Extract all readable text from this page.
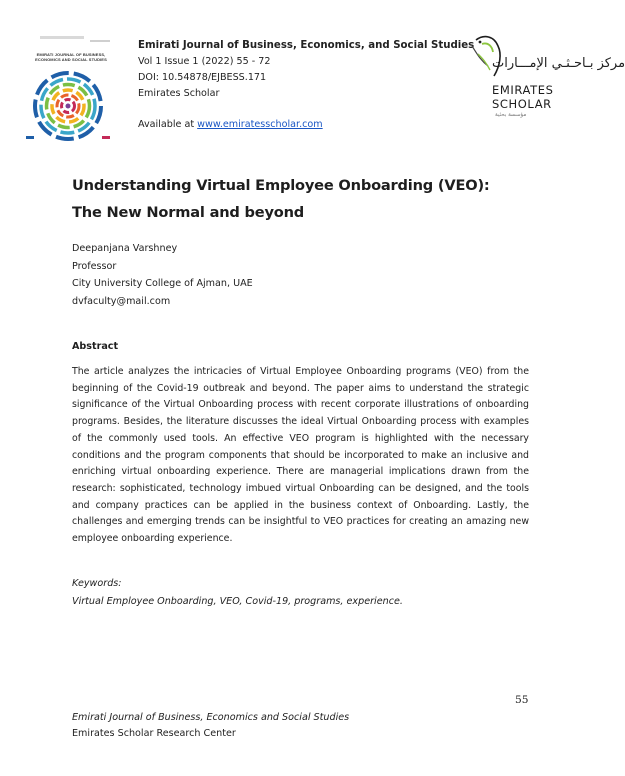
EMIRATI JOURNAL OF BUSINESS, ECONOMICS AND SOCIAL STUDIES
Emirati Journal of Business, Economics, and Social Studies
Vol 1 Issue 1 (2022) 55 - 72
DOI: 10.54878/EJBESS.171
Emirates Scholar
مركز بـاحـثـي الإمـــارات
EMIRATES
SCHOLAR
مؤسسة بحثية
Available at www.emiratesscholar.com
Understanding Virtual Employee Onboarding (VEO): The New Normal and beyond
Deepanjana Varshney
Professor
City University College of Ajman, UAE
dvfaculty@mail.com
Abstract
The article analyzes the intricacies of Virtual Employee Onboarding programs (VEO) from the beginning of the Covid-19 outbreak and beyond. The paper aims to understand the strategic significance of the Virtual Onboarding process with recent corporate illustrations of onboarding programs. Besides, the literature discusses the ideal Virtual Onboarding process with examples of the commonly used tools. An effective VEO program is highlighted with the necessary conditions and the program components that should be incorporated to make an inclusive and enriching virtual onboarding experience. There are managerial implications drawn from the research: sophisticated, technology imbued virtual Onboarding can be designed, and the tools and company practices can be applied in the business context of Onboarding. Lastly, the challenges and emerging trends can be insightful to VEO practices for creating an amazing new employee onboarding experience.
Keywords:
Virtual Employee Onboarding, VEO, Covid-19, programs, experience.
55
Emirati Journal of Business, Economics and Social Studies
Emirates Scholar Research Center
